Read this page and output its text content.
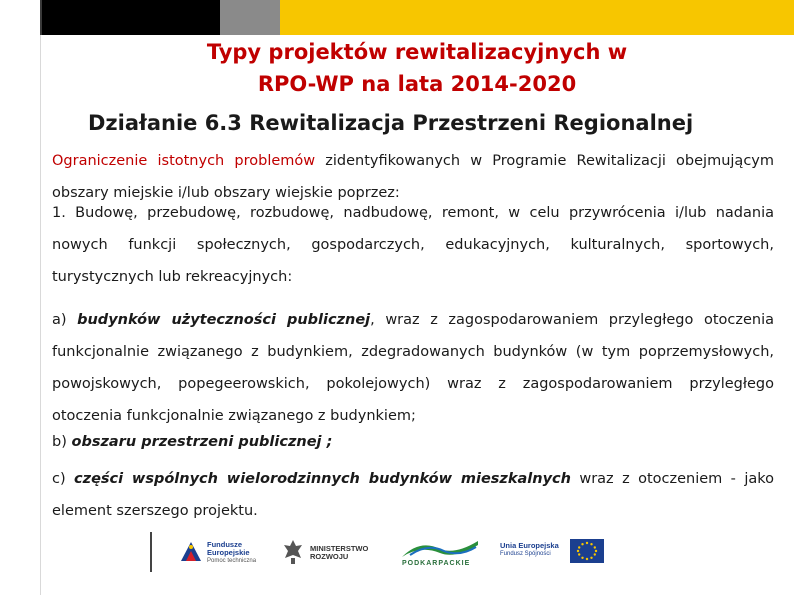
Typy projektów rewitalizacyjnych w
RPO-WP na lata 2014-2020
Działanie 6.3 Rewitalizacja Przestrzeni Regionalnej
Ograniczenie istotnych problemów zidentyfikowanych w Programie Rewitalizacji obejmującym obszary miejskie i/lub obszary wiejskie poprzez:
1. Budowę, przebudowę, rozbudowę, nadbudowę, remont, w celu przywrócenia i/lub nadania nowych funkcji społecznych, gospodarczych, edukacyjnych, kulturalnych, sportowych, turystycznych lub rekreacyjnych:
a) budynków użyteczności publicznej, wraz z zagospodarowaniem przyległego otoczenia funkcjonalnie związanego z budynkiem, zdegradowanych budynków (w tym poprzemysłowych, powojskowych, popegeerowskich, pokolejowych) wraz z zagospodarowaniem przyległego otoczenia funkcjonalnie związanego z budynkiem;
b) obszaru przestrzeni publicznej ;
c) części wspólnych wielorodzinnych budynków mieszkalnych wraz z otoczeniem - jako element szerszego projektu.
Fundusze
Europejskie
Pomoc techniczna
MINISTERSTWO
ROZWOJU
PODKARPACKIE
Unia Europejska
Fundusz Spójności
